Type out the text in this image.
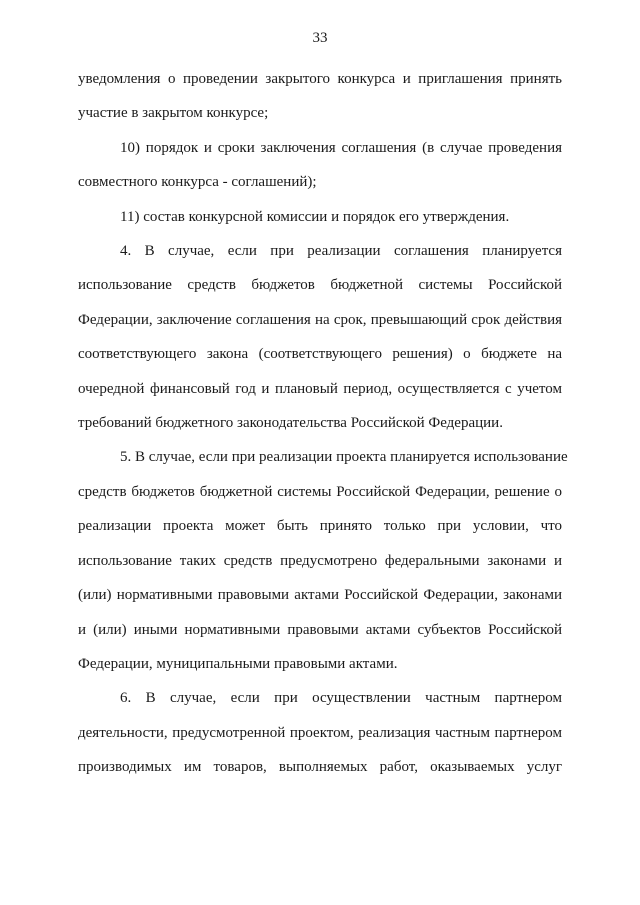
33

уведомления о проведении закрытого конкурса и приглашения принять
участие в закрытом конкурсе;

10) порядок и сроки заключения соглашения (в случае проведения
совместного конкурса - соглашений);

11) состав конкурсной комиссии и порядок его утверждения.

4. В случае, если при реализации соглашения планируется
использование средств бюджетов бюджетной системы Российской
Федерации, заключение соглашения на срок, превышающий срок действия
соответствующего закона (соответствующего решения) о бюджете на
очередной финансовый год и плановый период, осуществляется с учетом
требований бюджетного законодательства Российской Федерации.

5. В случае, если при реализации проекта планируется использование
средств бюджетов бюджетной системы Российской Федерации, решение о
реализации проекта может быть принято только при условии, что
использование таких средств предусмотрено федеральными законами и
(или) нормативными правовыми актами Российской Федерации, законами
и (или) иными нормативными правовыми актами субъектов Российской
Федерации, муниципальными правовыми актами.

6. В случае, если при осуществлении частным партнером
деятельности, предусмотренной проектом, реализация частным партнером
производимых им товаров, выполняемых работ, оказываемых услуг
